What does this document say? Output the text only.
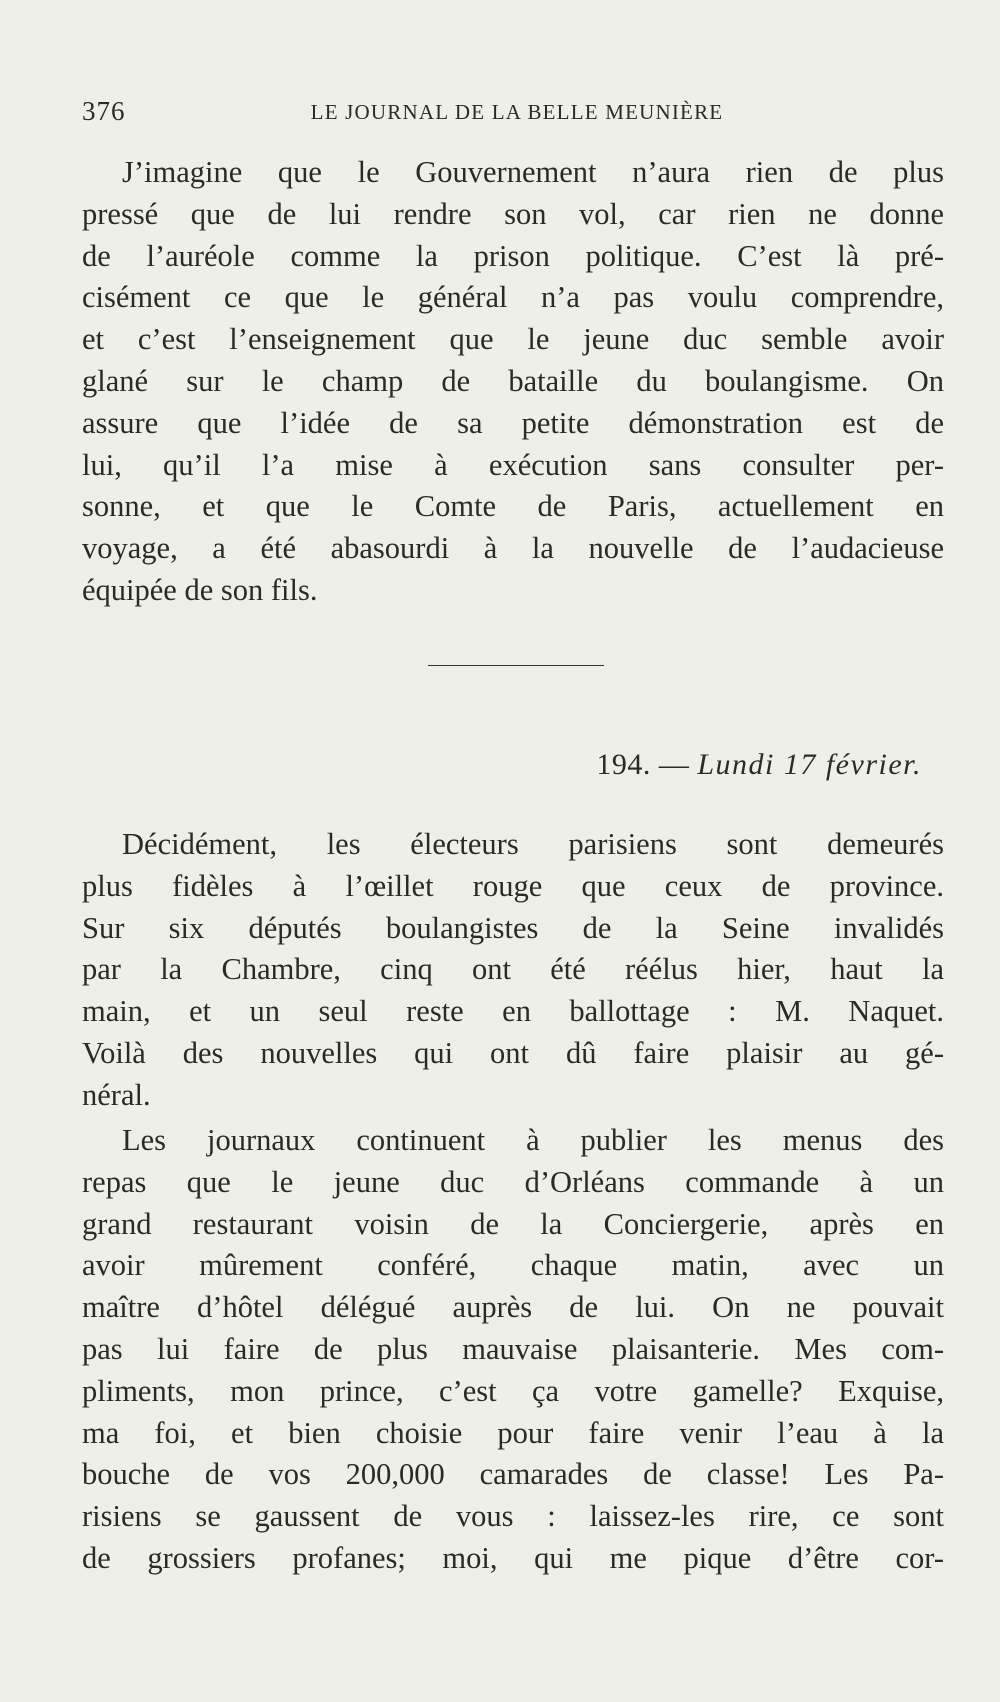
376	LE JOURNAL DE LA BELLE MEUNIÈRE

J’imagine que le Gouvernement n’aura rien de plus
pressé que de lui rendre son vol, car rien ne donne
de l’auréole comme la prison politique. C’est là pré-
cisément ce que le général n’a pas voulu comprendre,
et c’est l’enseignement que le jeune duc semble avoir
glané sur le champ de bataille du boulangisme. On
assure que l’idée de sa petite démonstration est de
lui, qu’il l’a mise à exécution sans consulter per-
sonne, et que le Comte de Paris, actuellement en
voyage, a été abasourdi à la nouvelle de l’audacieuse
équipée de son fils.

194. — Lundi 17 février.

Décidément, les électeurs parisiens sont demeurés
plus fidèles à l’œillet rouge que ceux de province.
Sur six députés boulangistes de la Seine invalidés
par la Chambre, cinq ont été réélus hier, haut la
main, et un seul reste en ballottage : M. Naquet.
Voilà des nouvelles qui ont dû faire plaisir au gé-
néral.

Les journaux continuent à publier les menus des
repas que le jeune duc d’Orléans commande à un
grand restaurant voisin de la Conciergerie, après en
avoir mûrement conféré, chaque matin, avec un
maître d’hôtel délégué auprès de lui. On ne pouvait
pas lui faire de plus mauvaise plaisanterie. Mes com-
pliments, mon prince, c’est ça votre gamelle? Exquise,
ma foi, et bien choisie pour faire venir l’eau à la
bouche de vos 200,000 camarades de classe! Les Pa-
risiens se gaussent de vous : laissez-les rire, ce sont
de grossiers profanes; moi, qui me pique d’être cor-
